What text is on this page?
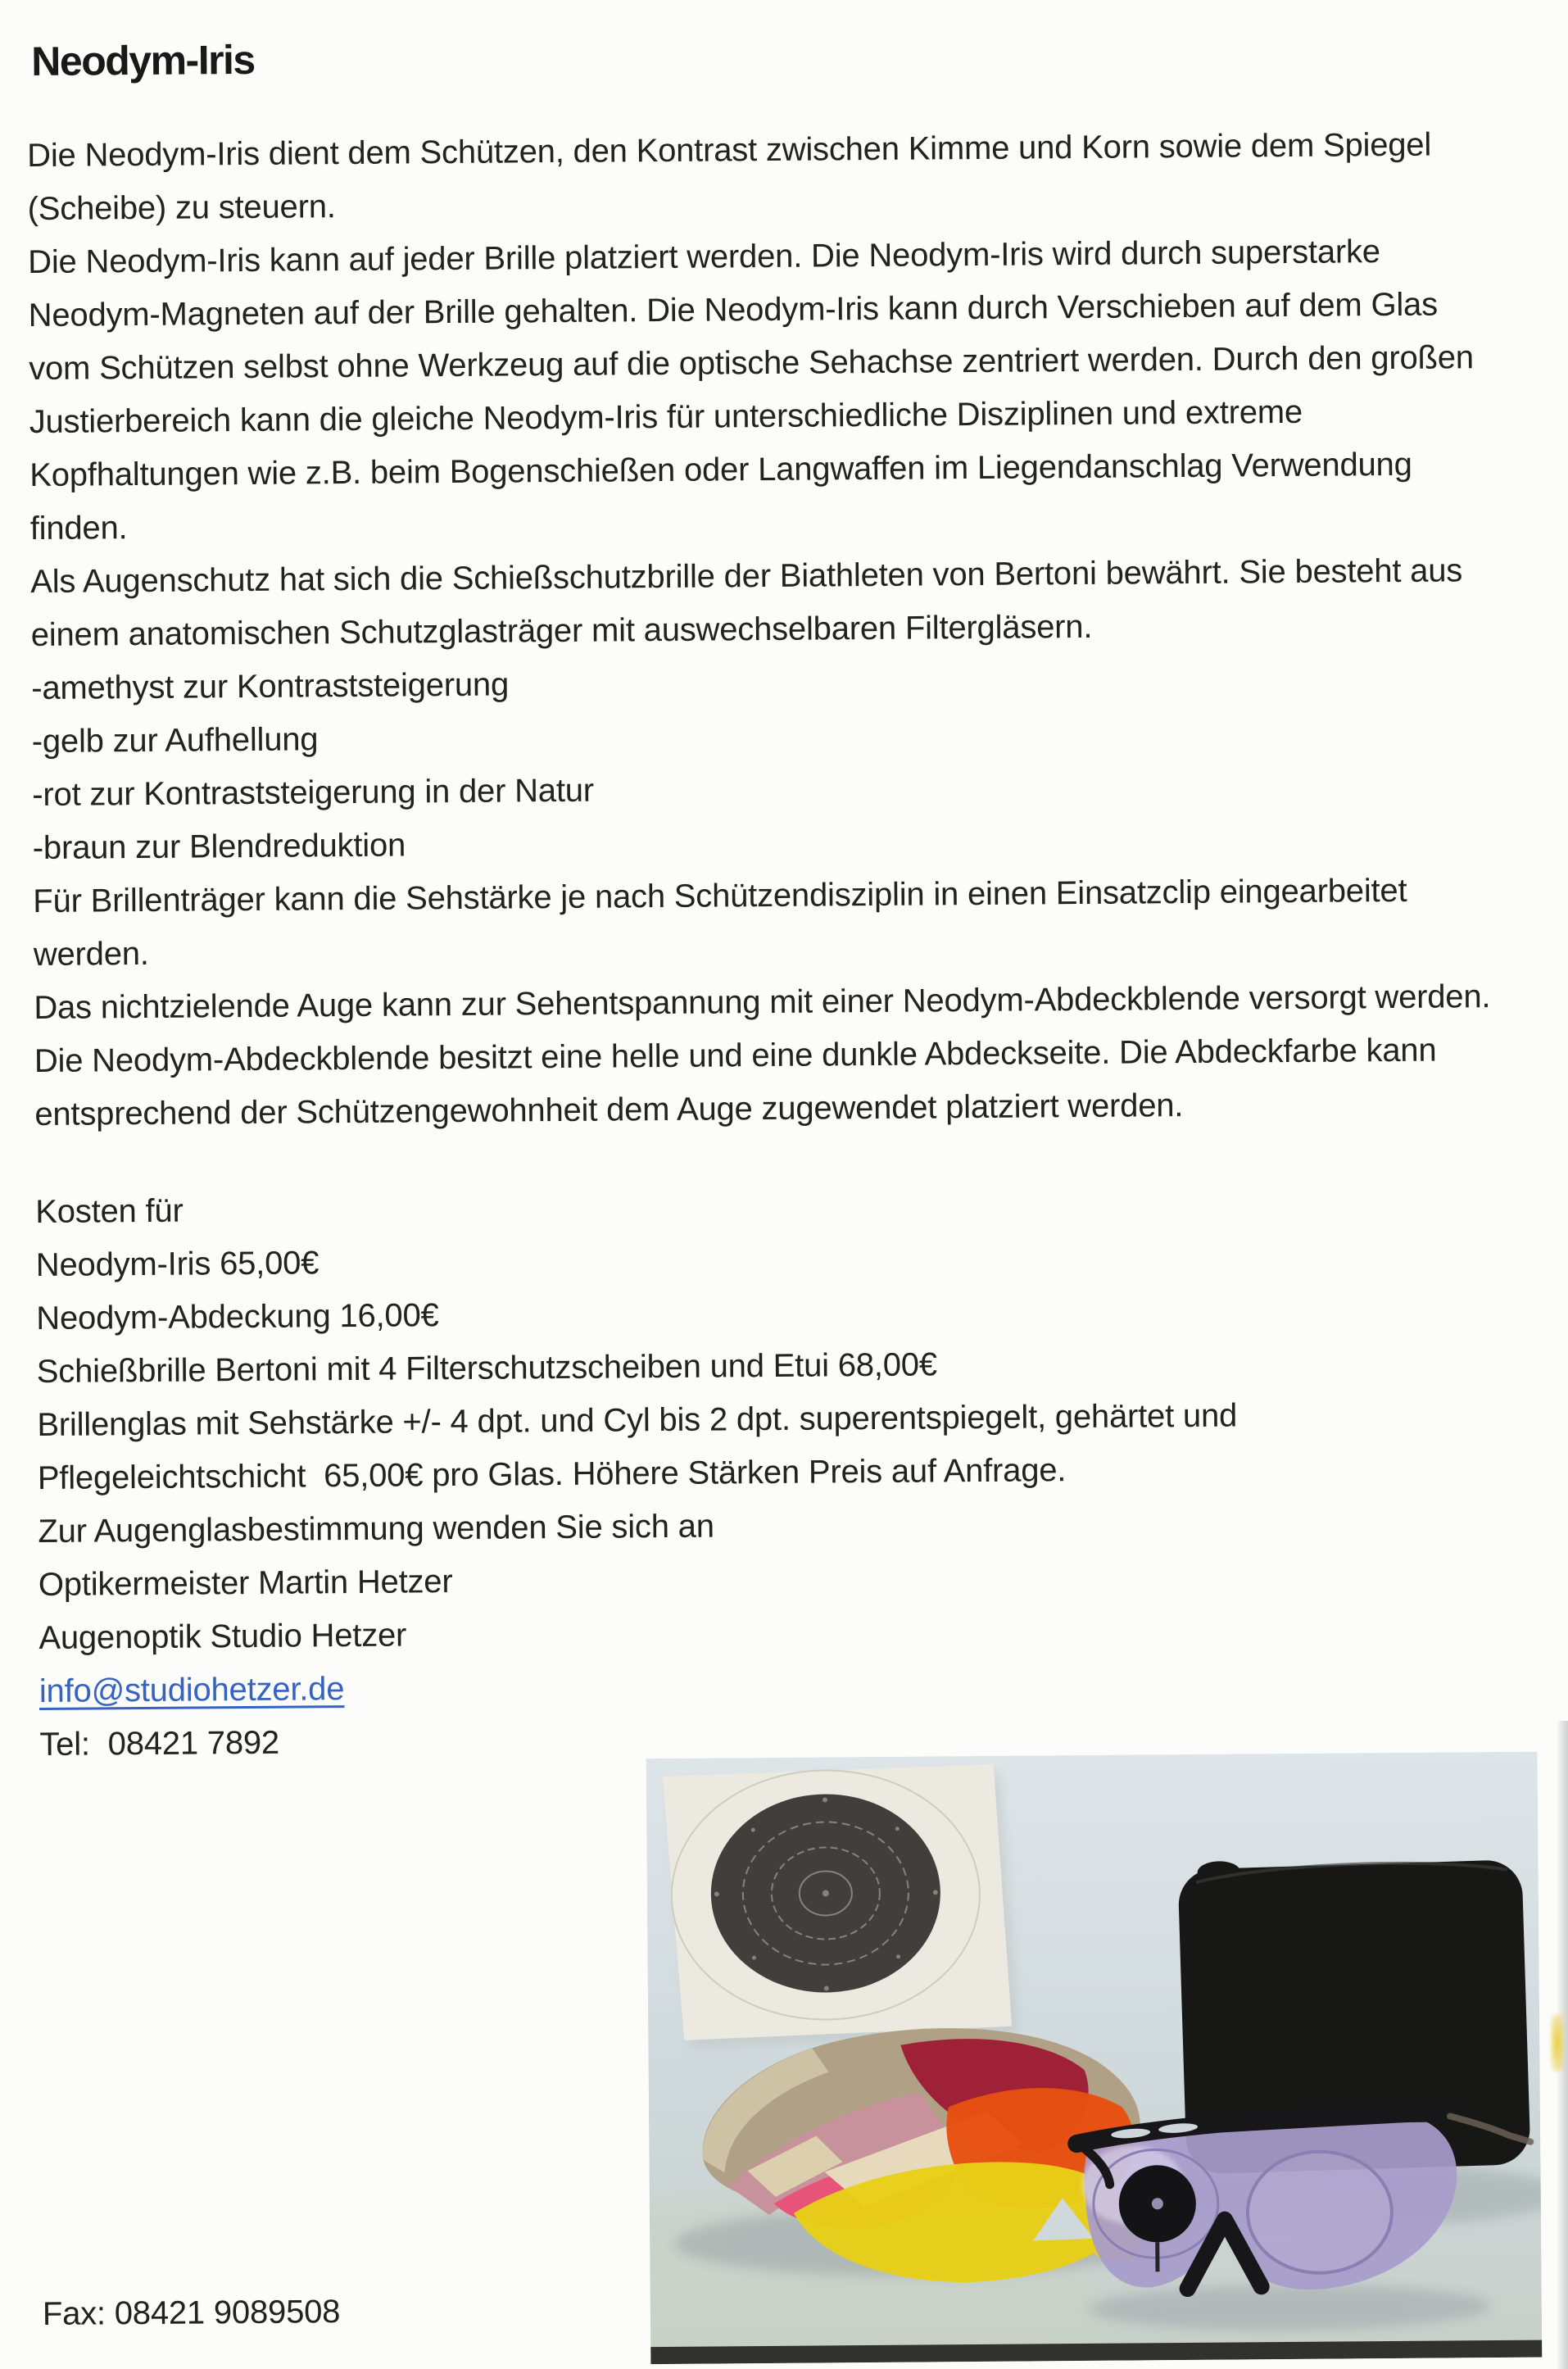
Neodym-Iris
Die Neodym-Iris dient dem Schützen, den Kontrast zwischen Kimme und Korn sowie dem Spiegel
(Scheibe) zu steuern.
Die Neodym-Iris kann auf jeder Brille platziert werden. Die Neodym-Iris wird durch superstarke
Neodym-Magneten auf der Brille gehalten. Die Neodym-Iris kann durch Verschieben auf dem Glas
vom Schützen selbst ohne Werkzeug auf die optische Sehachse zentriert werden. Durch den großen
Justierbereich kann die gleiche Neodym-Iris für unterschiedliche Disziplinen und extreme
Kopfhaltungen wie z.B. beim Bogenschießen oder Langwaffen im Liegendanschlag Verwendung
finden.
Als Augenschutz hat sich die Schießschutzbrille der Biathleten von Bertoni bewährt. Sie besteht aus
einem anatomischen Schutzglasträger mit auswechselbaren Filtergläsern.
-amethyst zur Kontraststeigerung
-gelb zur Aufhellung
-rot zur Kontraststeigerung in der Natur
-braun zur Blendreduktion
Für Brillenträger kann die Sehstärke je nach Schützendisziplin in einen Einsatzclip eingearbeitet
werden.
Das nichtzielende Auge kann zur Sehentspannung mit einer Neodym-Abdeckblende versorgt werden.
Die Neodym-Abdeckblende besitzt eine helle und eine dunkle Abdeckseite. Die Abdeckfarbe kann
entsprechend der Schützengewohnheit dem Auge zugewendet platziert werden.
Kosten für
Neodym-Iris 65,00€
Neodym-Abdeckung 16,00€
Schießbrille Bertoni mit 4 Filterschutzscheiben und Etui 68,00€
Brillenglas mit Sehstärke +/- 4 dpt. und Cyl bis 2 dpt. superentspiegelt, gehärtet und
Pflegeleichtschicht  65,00€ pro Glas. Höhere Stärken Preis auf Anfrage.
Zur Augenglasbestimmung wenden Sie sich an
Optikermeister Martin Hetzer
Augenoptik Studio Hetzer
info@studiohetzer.de
Tel:  08421 7892
Fax: 08421 9089508
